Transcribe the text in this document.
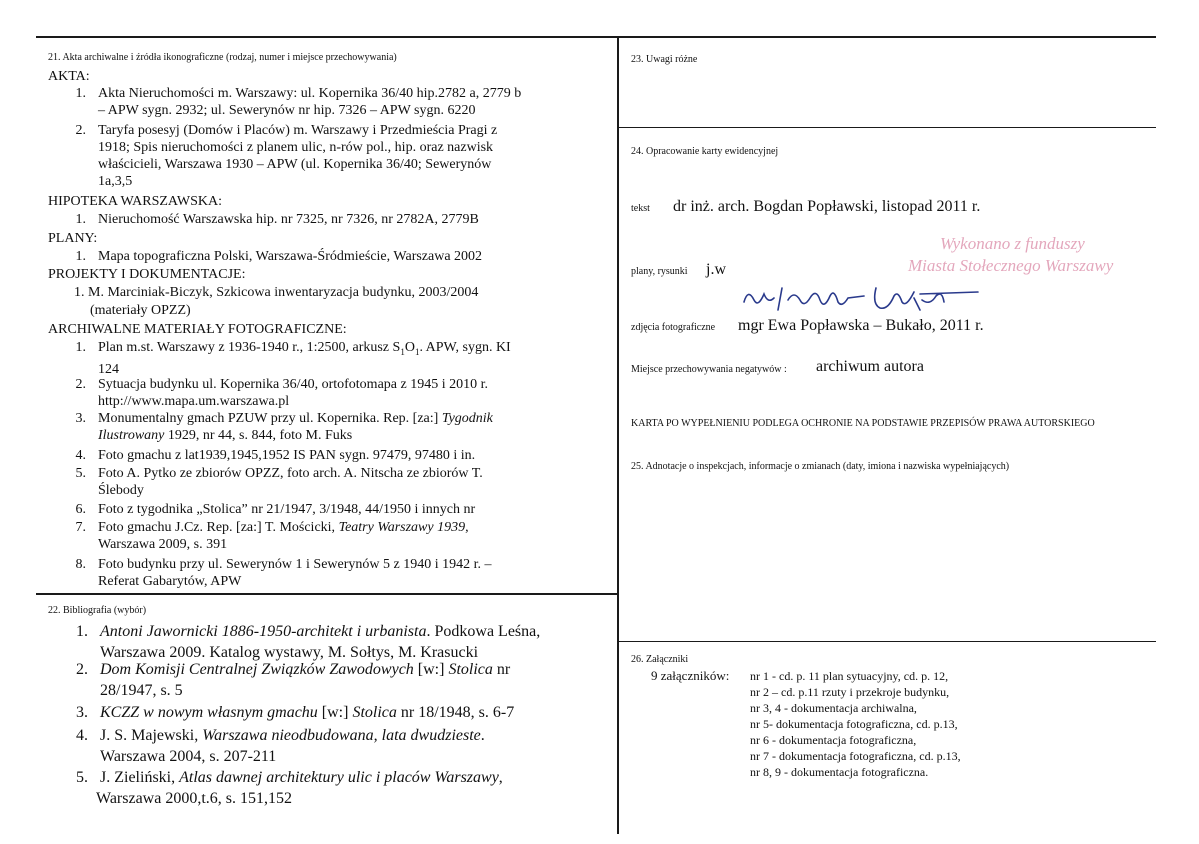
21. Akta archiwalne i źródła ikonograficzne (rodzaj, numer i miejsce przechowywania)
AKTA:
1. Akta Nieruchomości m. Warszawy: ul. Kopernika 36/40 hip.2782 a, 2779 b
– APW sygn. 2932; ul. Sewerynów nr hip. 7326 – APW sygn. 6220
2. Taryfa posesyj (Domów i Placów) m. Warszawy i Przedmieścia Pragi z
1918; Spis nieruchomości z planem ulic, n-rów pol., hip. oraz nazwisk
właścicieli, Warszawa 1930 – APW (ul. Kopernika 36/40; Sewerynów
1a,3,5
HIPOTEKA WARSZAWSKA:
1. Nieruchomość Warszawska hip. nr 7325, nr 7326, nr 2782A, 2779B
PLANY:
1. Mapa topograficzna Polski, Warszawa-Śródmieście, Warszawa 2002
PROJEKTY I DOKUMENTACJE:
1. M. Marciniak-Biczyk, Szkicowa inwentaryzacja budynku, 2003/2004
(materiały OPZZ)
ARCHIWALNE MATERIAŁY FOTOGRAFICZNE:
1. Plan m.st. Warszawy z 1936-1940 r., 1:2500, arkusz $S_1O_1$. APW, sygn. KI
124
2. Sytuacja budynku ul. Kopernika 36/40, ortofotomapa z 1945 i 2010 r.
http://www.mapa.um.warszawa.pl
3. Monumentalny gmach PZUW przy ul. Kopernika. Rep. [za:] Tygodnik
Ilustrowany 1929, nr 44, s. 844, foto M. Fuks
4. Foto gmachu z lat1939,1945,1952 IS PAN sygn. 97479, 97480 i in.
5. Foto A. Pytko ze zbiorów OPZZ, foto arch. A. Nitscha ze zbiorów T.
Ślebody
6. Foto z tygodnika „Stolica” nr 21/1947, 3/1948, 44/1950 i innych nr
7. Foto gmachu J.Cz. Rep. [za:] T. Mościcki, Teatry Warszawy 1939,
Warszawa 2009, s. 391
8. Foto budynku przy ul. Sewerynów 1 i Sewerynów 5 z 1940 i 1942 r. –
Referat Gabarytów, APW
22. Bibliografia (wybór)
1. Antoni Jawornicki 1886-1950-architekt i urbanista. Podkowa Leśna,
Warszawa 2009. Katalog wystawy, M. Sołtys, M. Krasucki
2. Dom Komisji Centralnej Związków Zawodowych [w:] Stolica nr
28/1947, s. 5
3. KCZZ w nowym własnym gmachu [w:] Stolica nr 18/1948, s. 6-7
4. J. S. Majewski, Warszawa nieodbudowana, lata dwudzieste.
Warszawa 2004, s. 207-211
5. J. Zieliński, Atlas dawnej architektury ulic i placów Warszawy,
Warszawa 2000,t.6, s. 151,152
23. Uwagi różne
24. Opracowanie karty ewidencyjnej
tekst dr inż. arch. Bogdan Popławski, listopad 2011 r.
Wykonano z funduszy
Miasta Stołecznego Warszawy
plany, rysunki j.w
zdjęcia fotograficzne mgr Ewa Popławska – Bukało, 2011 r.
Miejsce przechowywania negatywów : archiwum autora
KARTA PO WYPEŁNIENIU PODLEGA OCHRONIE NA PODSTAWIE PRZEPISÓW PRAWA AUTORSKIEGO
25. Adnotacje o inspekcjach, informacje o zmianach (daty, imiona i nazwiska wypełniających)
26. Załączniki
9 załączników: nr 1 - cd. p. 11 plan sytuacyjny, cd. p. 12,
nr 2 – cd. p.11 rzuty i przekroje budynku,
nr 3, 4 - dokumentacja archiwalna,
nr 5- dokumentacja fotograficzna, cd. p.13,
nr 6 - dokumentacja fotograficzna,
nr 7 - dokumentacja fotograficzna, cd. p.13,
nr 8, 9 - dokumentacja fotograficzna.
